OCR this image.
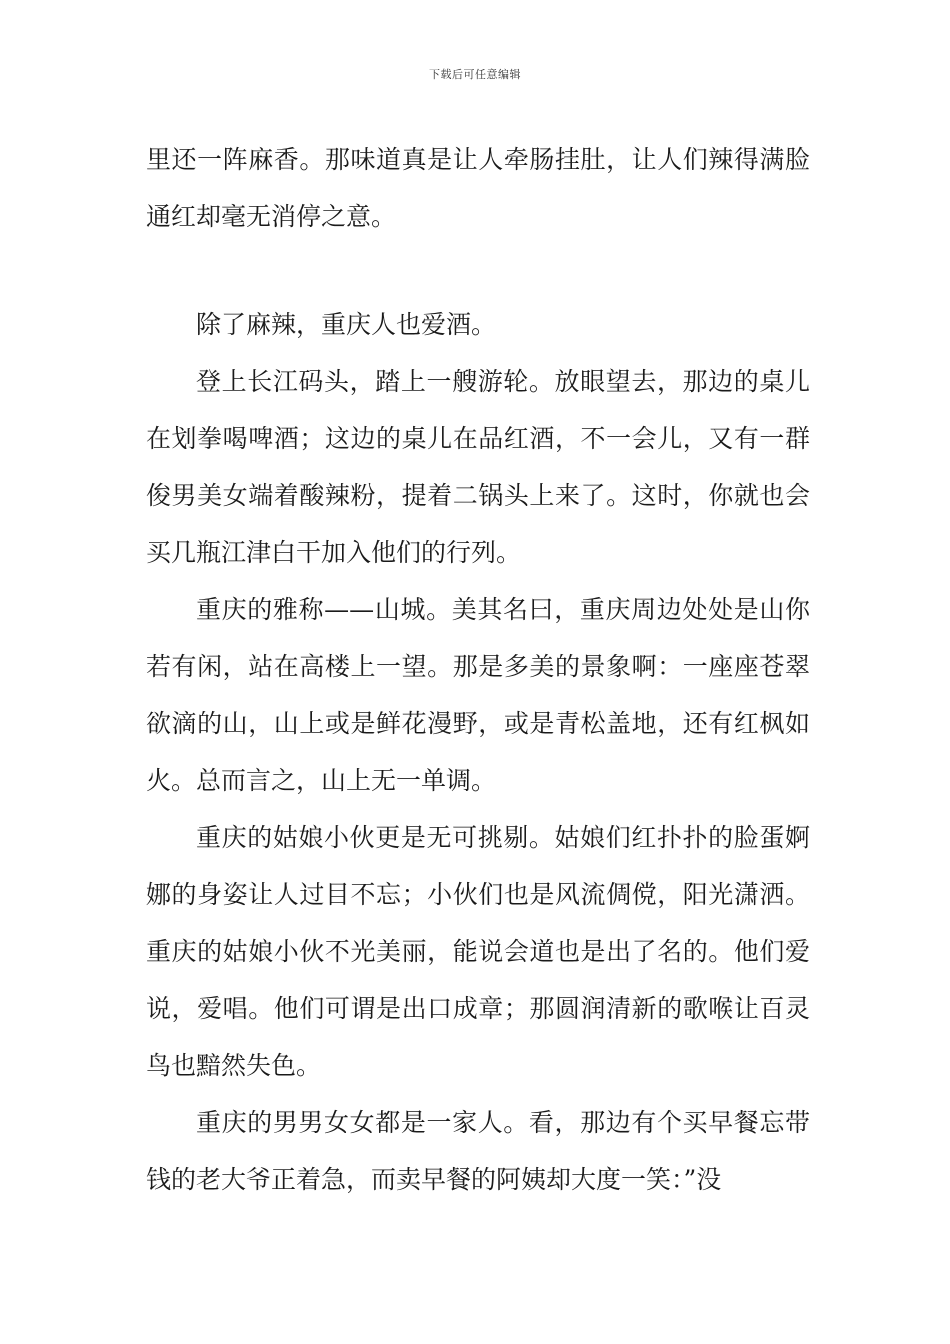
下载后可任意编辑

里还一阵麻香。那味道真是让人牵肠挂肚，让人们辣得满脸通红却毫无消停之意。

除了麻辣，重庆人也爱酒。

登上长江码头，踏上一艘游轮。放眼望去，那边的桌儿在划拳喝啤酒；这边的桌儿在品红酒，不一会儿，又有一群俊男美女端着酸辣粉，提着二锅头上来了。这时，你就也会买几瓶江津白干加入他们的行列。

重庆的雅称——山城。美其名曰，重庆周边处处是山你若有闲，站在高楼上一望。那是多美的景象啊：一座座苍翠欲滴的山，山上或是鲜花漫野，或是青松盖地，还有红枫如火。总而言之，山上无一单调。

重庆的姑娘小伙更是无可挑剔。姑娘们红扑扑的脸蛋婀娜的身姿让人过目不忘；小伙们也是风流倜傥，阳光潇洒。重庆的姑娘小伙不光美丽，能说会道也是出了名的。他们爱说，爱唱。他们可谓是出口成章；那圆润清新的歌喉让百灵鸟也黯然失色。

重庆的男男女女都是一家人。看，那边有个买早餐忘带钱的老大爷正着急，而卖早餐的阿姨却大度一笑：”没
